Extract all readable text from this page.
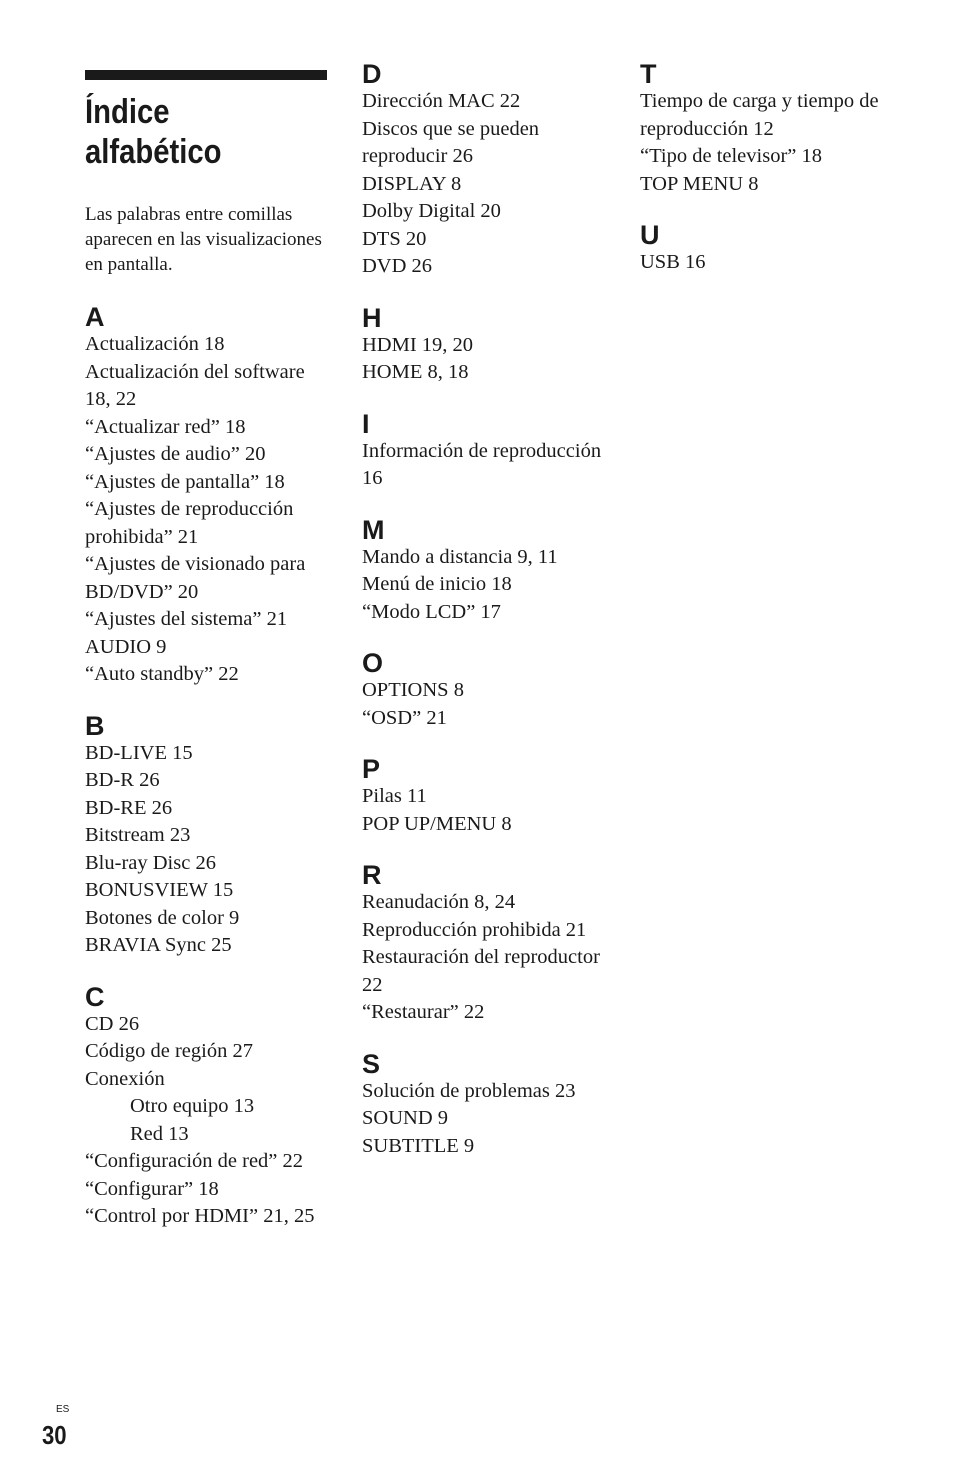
Índice
alfabético
Las palabras entre comillas aparecen en las visualizaciones en pantalla.
A
Actualización 18
Actualización del software 18, 22
“Actualizar red” 18
“Ajustes de audio” 20
“Ajustes de pantalla” 18
“Ajustes de reproducción prohibida” 21
“Ajustes de visionado para BD/DVD” 20
“Ajustes del sistema” 21
AUDIO 9
“Auto standby” 22
B
BD-LIVE 15
BD-R 26
BD-RE 26
Bitstream 23
Blu-ray Disc 26
BONUSVIEW 15
Botones de color 9
BRAVIA Sync 25
C
CD 26
Código de región 27
Conexión
Otro equipo 13
Red 13
“Configuración de red” 22
“Configurar” 18
“Control por HDMI” 21, 25
D
Dirección MAC 22
Discos que se pueden reproducir 26
DISPLAY 8
Dolby Digital 20
DTS 20
DVD 26
H
HDMI 19, 20
HOME 8, 18
I
Información de reproducción 16
M
Mando a distancia 9, 11
Menú de inicio 18
“Modo LCD” 17
O
OPTIONS 8
“OSD” 21
P
Pilas 11
POP UP/MENU 8
R
Reanudación 8, 24
Reproducción prohibida 21
Restauración del reproductor 22
“Restaurar” 22
S
Solución de problemas 23
SOUND 9
SUBTITLE 9
T
Tiempo de carga y tiempo de reproducción 12
“Tipo de televisor” 18
TOP MENU 8
U
USB 16
ES
30
